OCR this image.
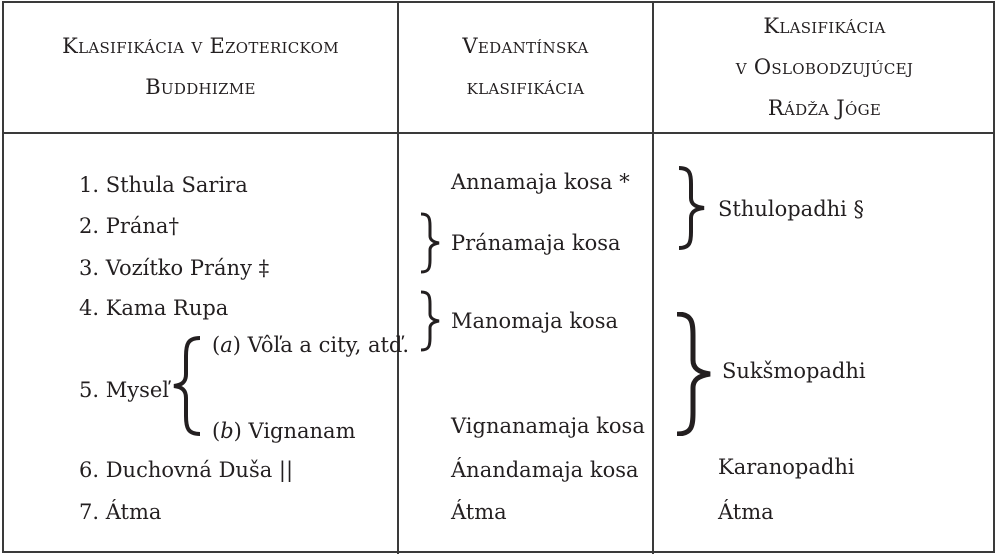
Klasifikácia v Ezoterickom
Buddhizme
Vedantínska
klasifikácia
Klasifikácia
v Oslobodzujúcej
Rádža Jóge
1. Sthula Sarira
2. Prána†
3. Vozítko Prány ‡
4. Kama Rupa
5. Myseľ
(a) Vôľa a city, atď.
(b) Vignanam
6. Duchovná Duša ||
7. Átma
Annamaja kosa *
Pránamaja kosa
Manomaja kosa
Vignanamaja kosa
Ánandamaja kosa
Átma
Sthulopadhi §
Sukšmopadhi
Karanopadhi
Átma
